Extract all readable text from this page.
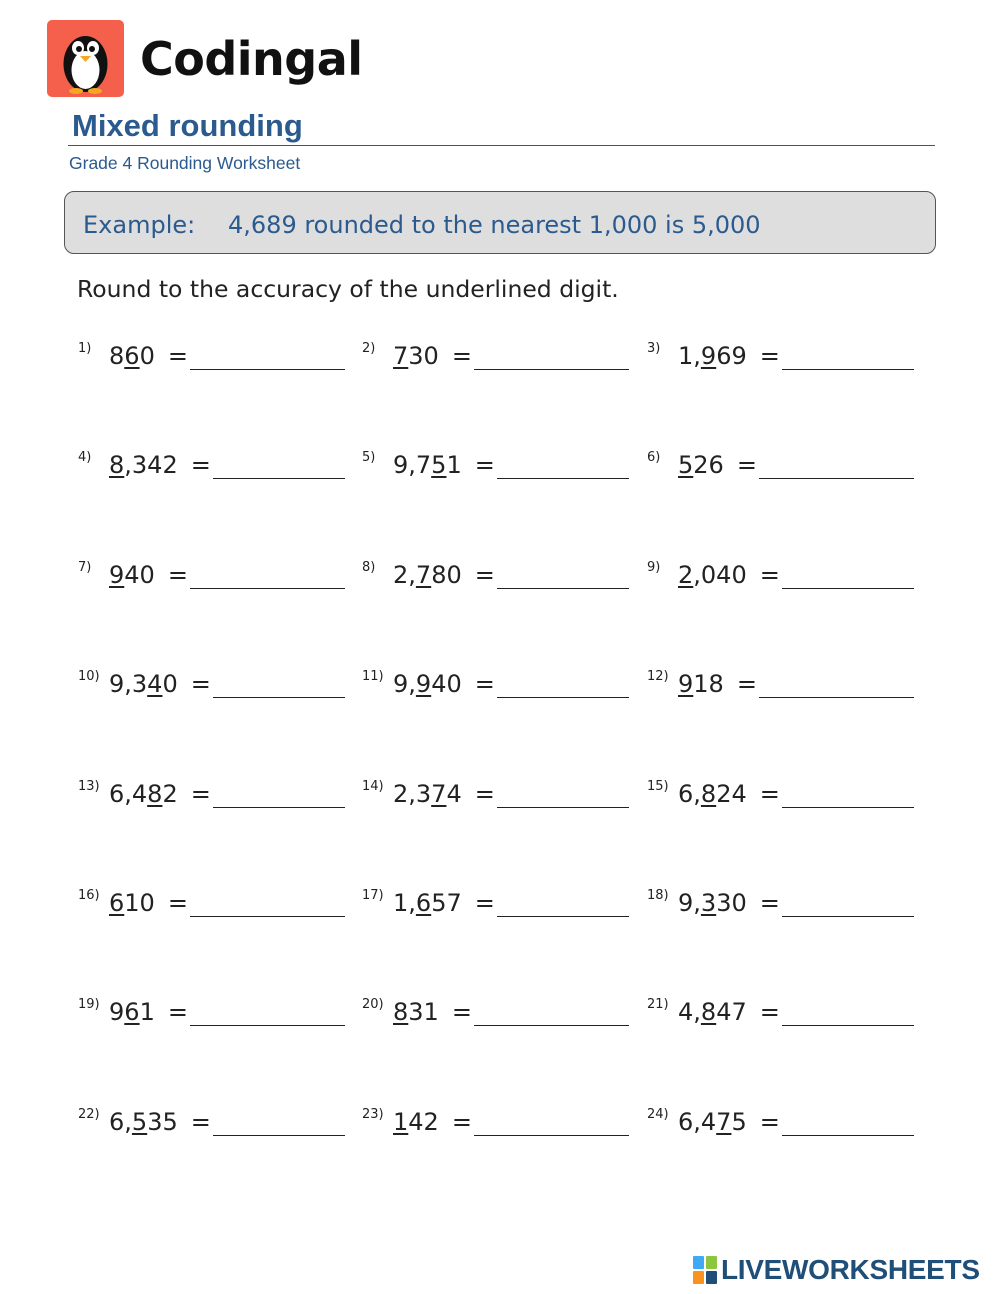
Codingal
Mixed rounding
Grade 4 Rounding Worksheet
Example: 4,689 rounded to the nearest 1,000 is 5,000
Round to the accuracy of the underlined digit.
1) 860 =	2) 730 =	3) 1,969 =
4) 8,342 =	5) 9,751 =	6) 526 =
7) 940 =	8) 2,780 =	9) 2,040 =
10) 9,340 =	11) 9,940 =	12) 918 =
13) 6,482 =	14) 2,374 =	15) 6,824 =
16) 610 =	17) 1,657 =	18) 9,330 =
19) 961 =	20) 831 =	21) 4,847 =
22) 6,535 =	23) 142 =	24) 6,475 =
LIVEWORKSHEETS
